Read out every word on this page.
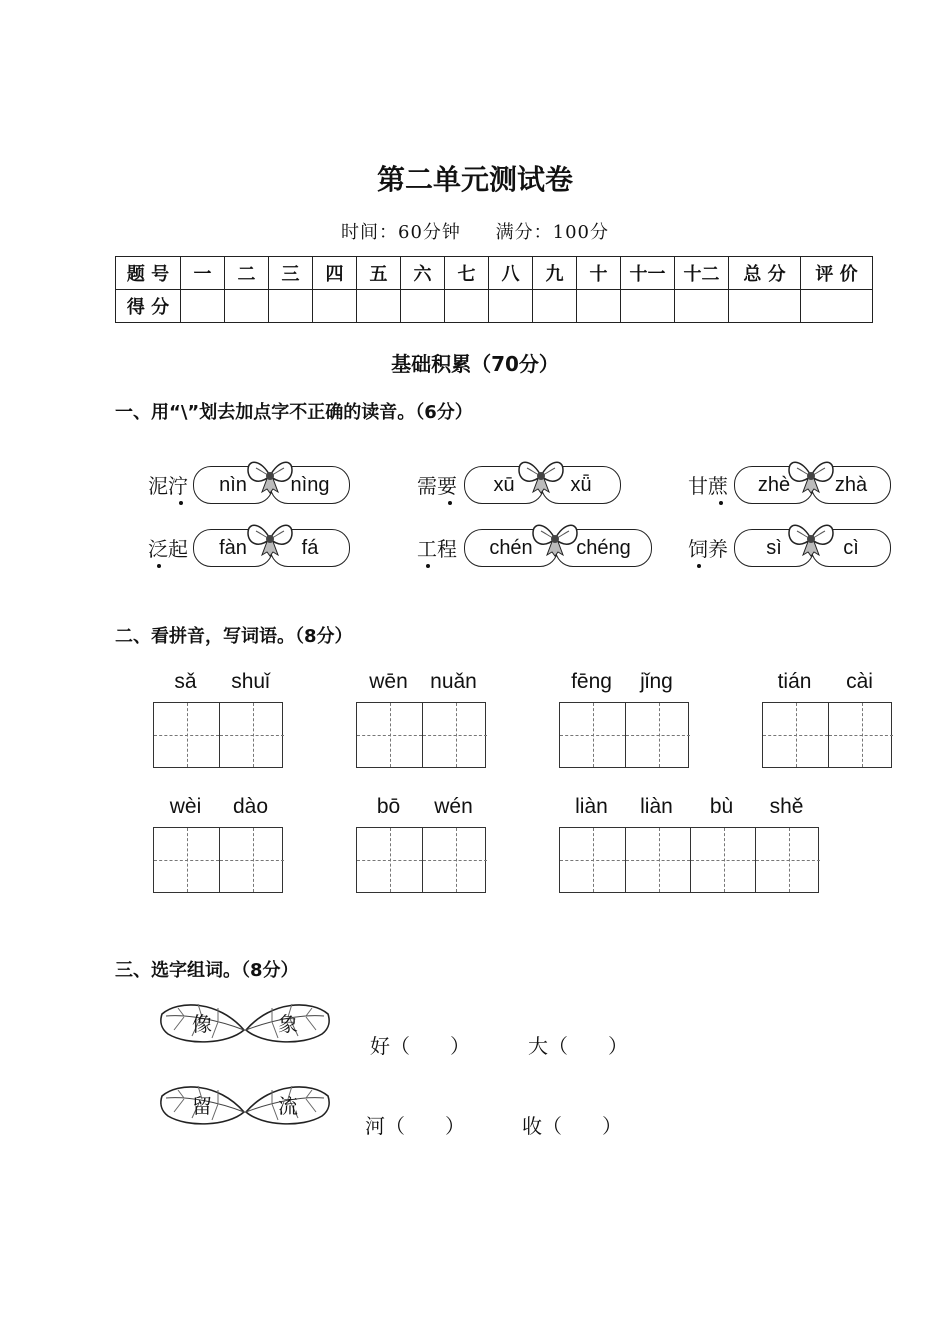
第二单元测试卷
时间：60分钟 满分：100分
题 号	一	二	三	四	五	六	七	八	九	十	十一	十二	总 分	评 价
得 分														
基础积累（70分）
一、用“\”划去加点字不正确的读音。（6分）
泥泞	nìn	nìng	需要	xū	xǖ	甘蔗	zhè	zhà
泛起	fàn	fá	工程	chén	chéng	饲养	sì	cì
二、看拼音，写词语。（8分）
sǎ	shuǐ	wēn	nuǎn	fēng	jǐng	tián	cài
wèi	dào	bō	wén	liàn	liàn	bù	shě
三、选字组词。（8分）
像	象
好（　　）	大（　　）
留	流
河（　　）	收（　　）
